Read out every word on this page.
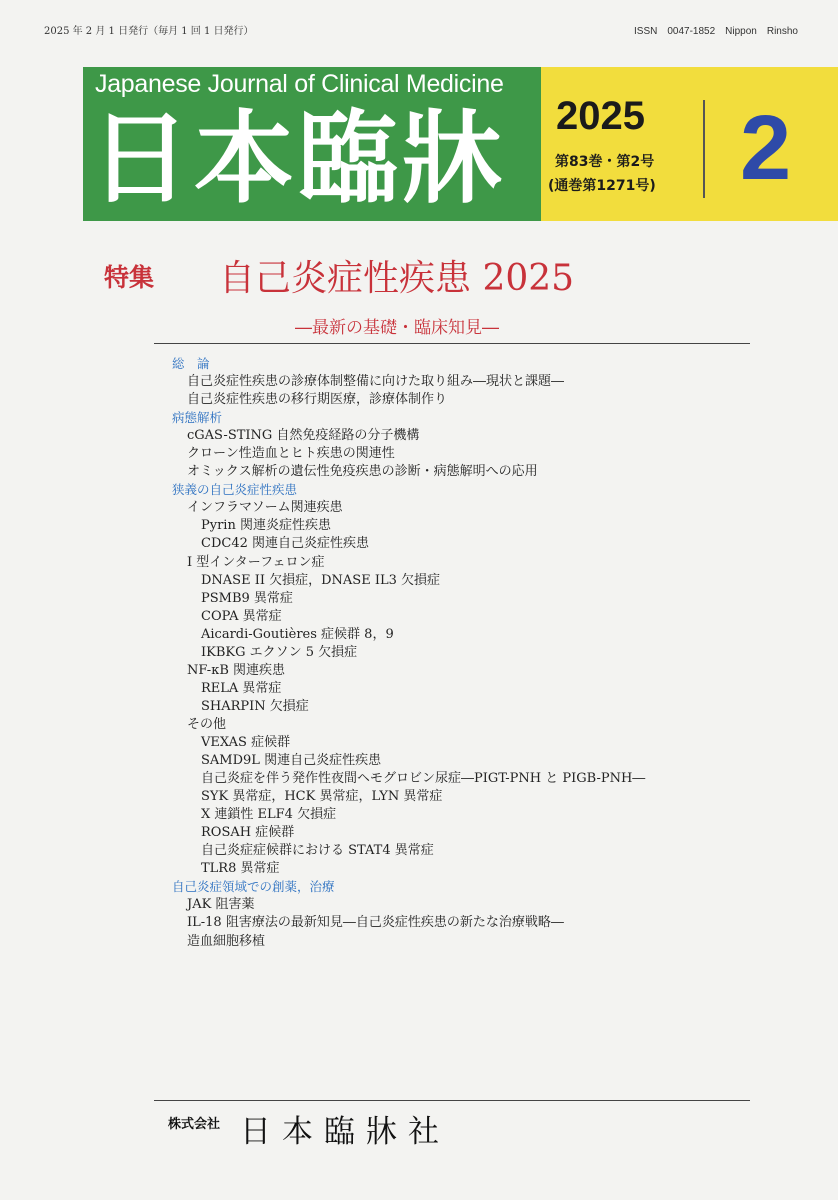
2025 年 2 月 1 日発行（毎月 1 回 1 日発行）	ISSN　0047-1852　Nippon　Rinsho
Japanese Journal of Clinical Medicine
日本臨牀	2025
第83巻・第2号
(通巻第1271号) 2
特集 自己炎症性疾患 2025
―最新の基礎・臨床知見―
総　論
自己炎症性疾患の診療体制整備に向けた取り組み―現状と課題―
自己炎症性疾患の移行期医療，診療体制作り
病態解析
cGAS-STING 自然免疫経路の分子機構
クローン性造血とヒト疾患の関連性
オミックス解析の遺伝性免疫疾患の診断・病態解明への応用
狭義の自己炎症性疾患
インフラマソーム関連疾患
Pyrin 関連炎症性疾患
CDC42 関連自己炎症性疾患
I 型インターフェロン症
DNASE II 欠損症，DNASE IL3 欠損症
PSMB9 異常症
COPA 異常症
Aicardi-Goutières 症候群 8，9
IKBKG エクソン 5 欠損症
NF-κB 関連疾患
RELA 異常症
SHARPIN 欠損症
その他
VEXAS 症候群
SAMD9L 関連自己炎症性疾患
自己炎症を伴う発作性夜間ヘモグロビン尿症―PIGT-PNH と PIGB-PNH―
SYK 異常症，HCK 異常症，LYN 異常症
X 連鎖性 ELF4 欠損症
ROSAH 症候群
自己炎症症候群における STAT4 異常症
TLR8 異常症
自己炎症領域での創薬，治療
JAK 阻害薬
IL-18 阻害療法の最新知見―自己炎症性疾患の新たな治療戦略―
造血細胞移植
株式会社 日本臨牀社
